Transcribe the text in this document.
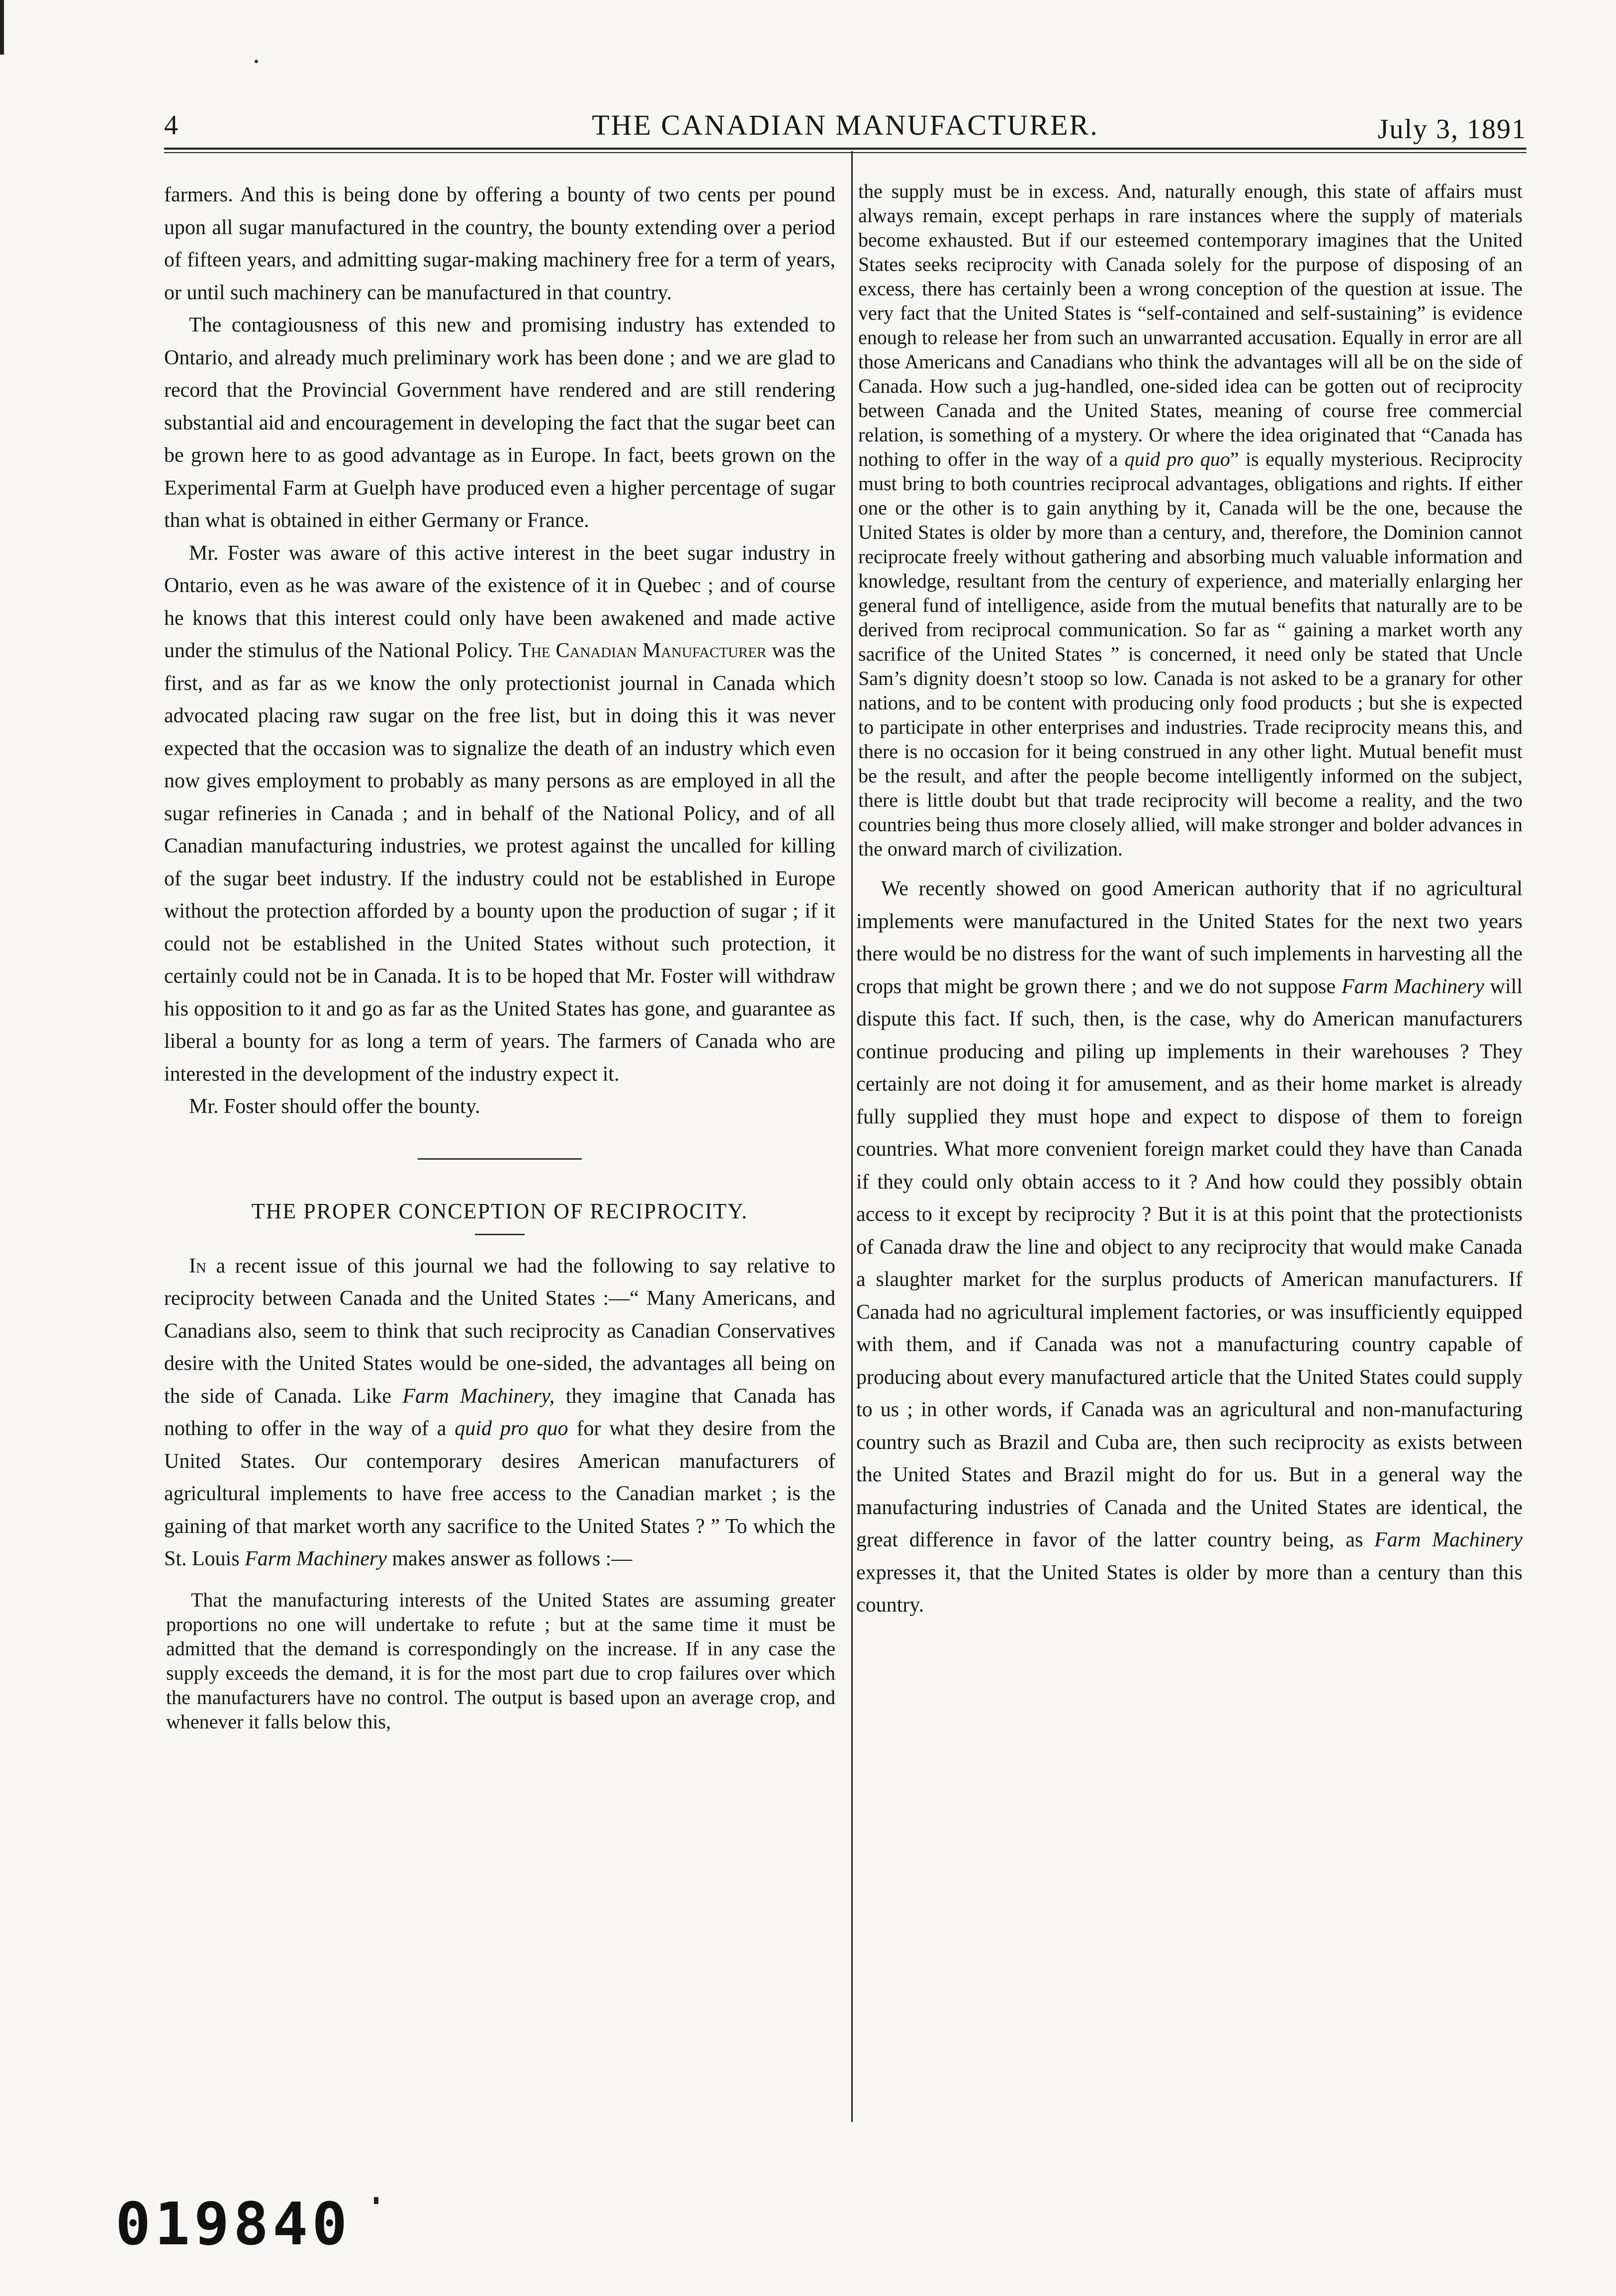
4	THE CANADIAN MANUFACTURER.	July 3, 1891

farmers. And this is being done by offering a bounty of two cents per pound upon all sugar manufactured in the country, the bounty extending over a period of fifteen years, and admitting sugar-making machinery free for a term of years, or until such machinery can be manufactured in that country.

The contagiousness of this new and promising industry has extended to Ontario, and already much preliminary work has been done ; and we are glad to record that the Provincial Government have rendered and are still rendering substantial aid and encouragement in developing the fact that the sugar beet can be grown here to as good advantage as in Europe. In fact, beets grown on the Experimental Farm at Guelph have produced even a higher percentage of sugar than what is obtained in either Germany or France.

Mr. Foster was aware of this active interest in the beet sugar industry in Ontario, even as he was aware of the existence of it in Quebec ; and of course he knows that this interest could only have been awakened and made active under the stimulus of the National Policy. The Canadian Manufacturer was the first, and as far as we know the only protectionist journal in Canada which advocated placing raw sugar on the free list, but in doing this it was never expected that the occasion was to signalize the death of an industry which even now gives employment to probably as many persons as are employed in all the sugar refineries in Canada ; and in behalf of the National Policy, and of all Canadian manufacturing industries, we protest against the uncalled for killing of the sugar beet industry. If the industry could not be established in Europe without the protection afforded by a bounty upon the production of sugar ; if it could not be established in the United States without such protection, it certainly could not be in Canada. It is to be hoped that Mr. Foster will withdraw his opposition to it and go as far as the United States has gone, and guarantee as liberal a bounty for as long a term of years. The farmers of Canada who are interested in the development of the industry expect it.

Mr. Foster should offer the bounty.

THE PROPER CONCEPTION OF RECIPROCITY.

In a recent issue of this journal we had the following to say relative to reciprocity between Canada and the United States :—“ Many Americans, and Canadians also, seem to think that such reciprocity as Canadian Conservatives desire with the United States would be one-sided, the advantages all being on the side of Canada. Like Farm Machinery, they imagine that Canada has nothing to offer in the way of a quid pro quo for what they desire from the United States. Our contemporary desires American manufacturers of agricultural implements to have free access to the Canadian market ; is the gaining of that market worth any sacrifice to the United States ? ” To which the St. Louis Farm Machinery makes answer as follows :—

That the manufacturing interests of the United States are assuming greater proportions no one will undertake to refute ; but at the same time it must be admitted that the demand is correspondingly on the increase. If in any case the supply exceeds the demand, it is for the most part due to crop failures over which the manufacturers have no control. The output is based upon an average crop, and whenever it falls below this,

the supply must be in excess. And, naturally enough, this state of affairs must always remain, except perhaps in rare instances where the supply of materials become exhausted. But if our esteemed contemporary imagines that the United States seeks reciprocity with Canada solely for the purpose of disposing of an excess, there has certainly been a wrong conception of the question at issue. The very fact that the United States is “self-contained and self-sustaining” is evidence enough to release her from such an unwarranted accusation. Equally in error are all those Americans and Canadians who think the advantages will all be on the side of Canada. How such a jug-handled, one-sided idea can be gotten out of reciprocity between Canada and the United States, meaning of course free commercial relation, is something of a mystery. Or where the idea originated that “Canada has nothing to offer in the way of a quid pro quo” is equally mysterious. Reciprocity must bring to both countries reciprocal advantages, obligations and rights. If either one or the other is to gain anything by it, Canada will be the one, because the United States is older by more than a century, and, therefore, the Dominion cannot reciprocate freely without gathering and absorbing much valuable information and knowledge, resultant from the century of experience, and materially enlarging her general fund of intelligence, aside from the mutual benefits that naturally are to be derived from reciprocal communication. So far as “ gaining a market worth any sacrifice of the United States ” is concerned, it need only be stated that Uncle Sam’s dignity doesn’t stoop so low. Canada is not asked to be a granary for other nations, and to be content with producing only food products ; but she is expected to participate in other enterprises and industries. Trade reciprocity means this, and there is no occasion for it being construed in any other light. Mutual benefit must be the result, and after the people become intelligently informed on the subject, there is little doubt but that trade reciprocity will become a reality, and the two countries being thus more closely allied, will make stronger and bolder advances in the onward march of civilization.

We recently showed on good American authority that if no agricultural implements were manufactured in the United States for the next two years there would be no distress for the want of such implements in harvesting all the crops that might be grown there ; and we do not suppose Farm Machinery will dispute this fact. If such, then, is the case, why do American manufacturers continue producing and piling up implements in their warehouses ? They certainly are not doing it for amusement, and as their home market is already fully supplied they must hope and expect to dispose of them to foreign countries. What more convenient foreign market could they have than Canada if they could only obtain access to it ? And how could they possibly obtain access to it except by reciprocity ? But it is at this point that the protectionists of Canada draw the line and object to any reciprocity that would make Canada a slaughter market for the surplus products of American manufacturers. If Canada had no agricultural implement factories, or was insufficiently equipped with them, and if Canada was not a manufacturing country capable of producing about every manufactured article that the United States could supply to us ; in other words, if Canada was an agricultural and non-manufacturing country such as Brazil and Cuba are, then such reciprocity as exists between the United States and Brazil might do for us. But in a general way the manufacturing industries of Canada and the United States are identical, the great difference in favor of the latter country being, as Farm Machinery expresses it, that the United States is older by more than a century than this country.

019840
